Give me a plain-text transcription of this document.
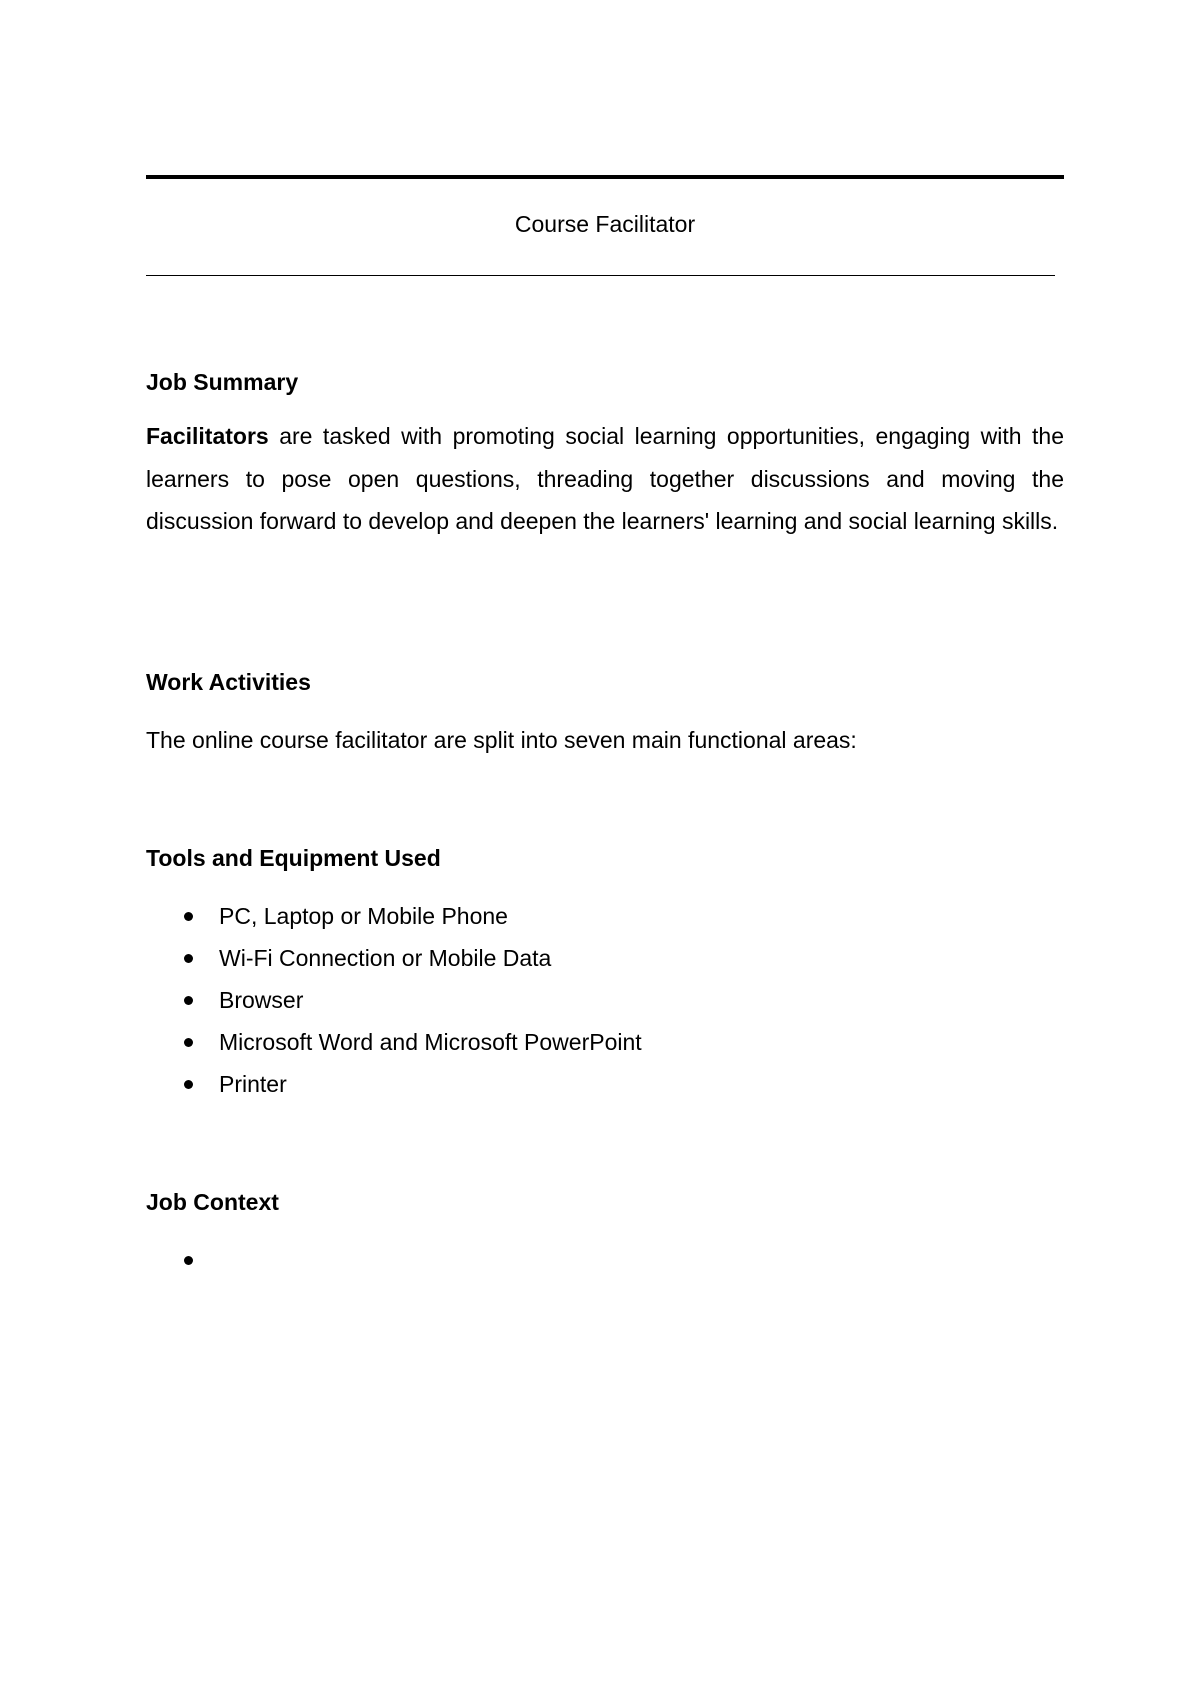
Course Facilitator
Job Summary
Facilitators are tasked with promoting social learning opportunities, engaging with the learners to pose open questions, threading together discussions and moving the discussion forward to develop and deepen the learners' learning and social learning skills.
Work Activities
The online course facilitator are split into seven main functional areas:
Tools and Equipment Used
PC, Laptop or Mobile Phone
Wi-Fi Connection or Mobile Data
Browser
Microsoft Word and Microsoft PowerPoint
Printer
Job Context
